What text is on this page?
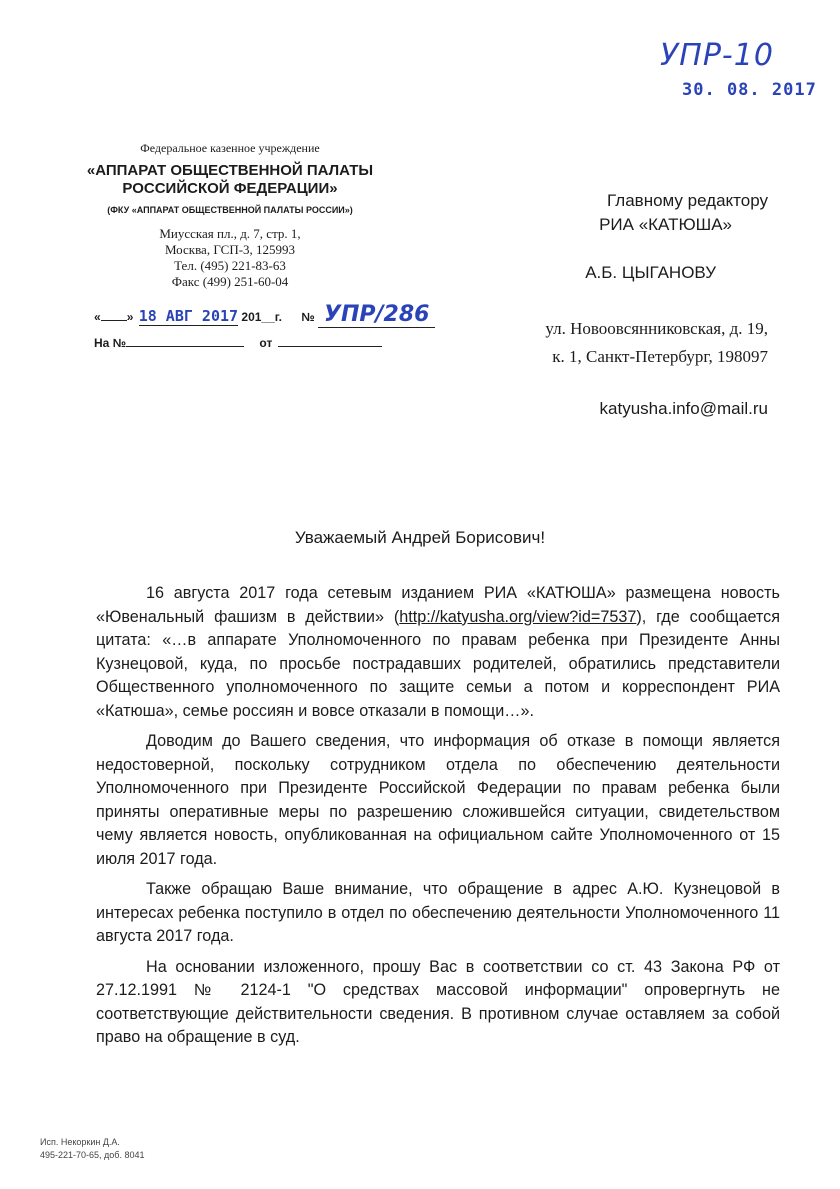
УПР-10
30. 08. 2017
Федеральное казенное учреждение
«АППАРАТ ОБЩЕСТВЕННОЙ ПАЛАТЫ
РОССИЙСКОЙ ФЕДЕРАЦИИ»
(ФКУ «АППАРАТ ОБЩЕСТВЕННОЙ ПАЛАТЫ РОССИИ»)
Миусская пл., д. 7, стр. 1,
Москва, ГСП-3, 125993
Тел. (495) 221-83-63
Факс (499) 251-60-04
« » 18 АВГ 2017 201__г. № УПР/286
На №	от
Главному редактору
РИА «КАТЮША»
А.Б. ЦЫГАНОВУ
ул. Новоовсянниковская, д. 19,
к. 1, Санкт-Петербург, 198097
katyusha.info@mail.ru
Уважаемый Андрей Борисович!

16 августа 2017 года сетевым изданием РИА «КАТЮША» размещена новость «Ювенальный фашизм в действии» (http://katyusha.org/view?id=7537), где сообщается цитата: «…в аппарате Уполномоченного по правам ребенка при Президенте Анны Кузнецовой, куда, по просьбе пострадавших родителей, обратились представители Общественного уполномоченного по защите семьи а потом и корреспондент РИА «Катюша», семье россиян и вовсе отказали в помощи…».

Доводим до Вашего сведения, что информация об отказе в помощи является недостоверной, поскольку сотрудником отдела по обеспечению деятельности Уполномоченного при Президенте Российской Федерации по правам ребенка были приняты оперативные меры по разрешению сложившейся ситуации, свидетельством чему является новость, опубликованная на официальном сайте Уполномоченного от 15 июля 2017 года.

Также обращаю Ваше внимание, что обращение в адрес А.Ю. Кузнецовой в интересах ребенка поступило в отдел по обеспечению деятельности Уполномоченного 11 августа 2017 года.

На основании изложенного, прошу Вас в соответствии со ст. 43 Закона РФ от 27.12.1991 № 2124-1 "О средствах массовой информации" опровергнуть не соответствующие действительности сведения. В противном случае оставляем за собой право на обращение в суд.

Исп. Некоркин Д.А.
495-221-70-65, доб. 8041
